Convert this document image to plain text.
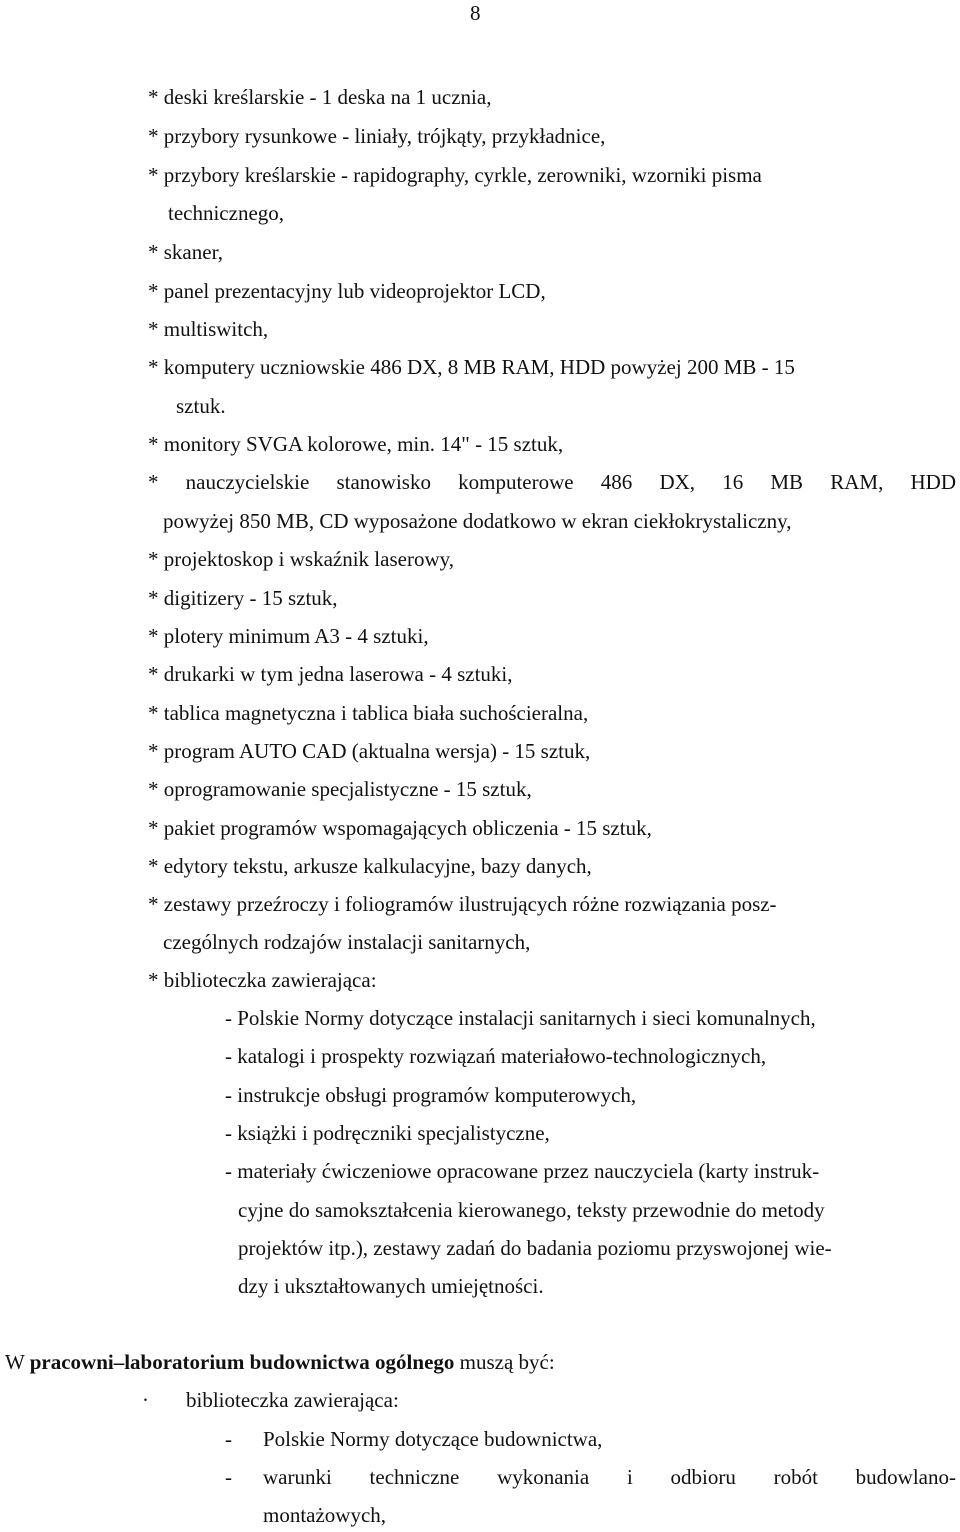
8
* deski kreślarskie - 1 deska na 1 ucznia,
* przybory rysunkowe - liniały, trójkąty, przykładnice,
* przybory kreślarskie - rapidography, cyrkle, zerowniki, wzorniki pisma
technicznego,
* skaner,
* panel prezentacyjny lub videoprojektor LCD,
* multiswitch,
* komputery uczniowskie 486 DX, 8 MB RAM, HDD powyżej 200 MB - 15
sztuk.
* monitory SVGA kolorowe, min. 14" - 15 sztuk,
* nauczycielskie stanowisko komputerowe 486 DX, 16 MB RAM, HDD
powyżej 850 MB, CD wyposażone dodatkowo w ekran ciekłokrystaliczny,
* projektoskop i wskaźnik laserowy,
* digitizery - 15 sztuk,
* plotery minimum A3 - 4 sztuki,
* drukarki w tym jedna laserowa - 4 sztuki,
* tablica magnetyczna i tablica biała suchościeralna,
* program AUTO CAD (aktualna wersja) - 15 sztuk,
* oprogramowanie specjalistyczne - 15 sztuk,
* pakiet programów wspomagających obliczenia - 15 sztuk,
* edytory tekstu, arkusze kalkulacyjne, bazy danych,
* zestawy przeźroczy i foliogramów ilustrujących różne rozwiązania posz-
czególnych rodzajów instalacji sanitarnych,
* biblioteczka zawierająca:
- Polskie Normy dotyczące instalacji sanitarnych i sieci komunalnych,
- katalogi i prospekty rozwiązań materiałowo-technologicznych,
- instrukcje obsługi programów komputerowych,
- książki i podręczniki specjalistyczne,
- materiały ćwiczeniowe opracowane przez nauczyciela (karty instruk-
cyjne do samokształcenia kierowanego, teksty przewodnie do metody
projektów itp.), zestawy zadań do badania poziomu przyswojonej wie-
dzy i ukształtowanych umiejętności.
W pracowni–laboratorium budownictwa ogólnego muszą być:
· biblioteczka zawierająca:
- Polskie Normy dotyczące budownictwa,
- warunki techniczne wykonania i odbioru robót budowlano-
montażowych,
